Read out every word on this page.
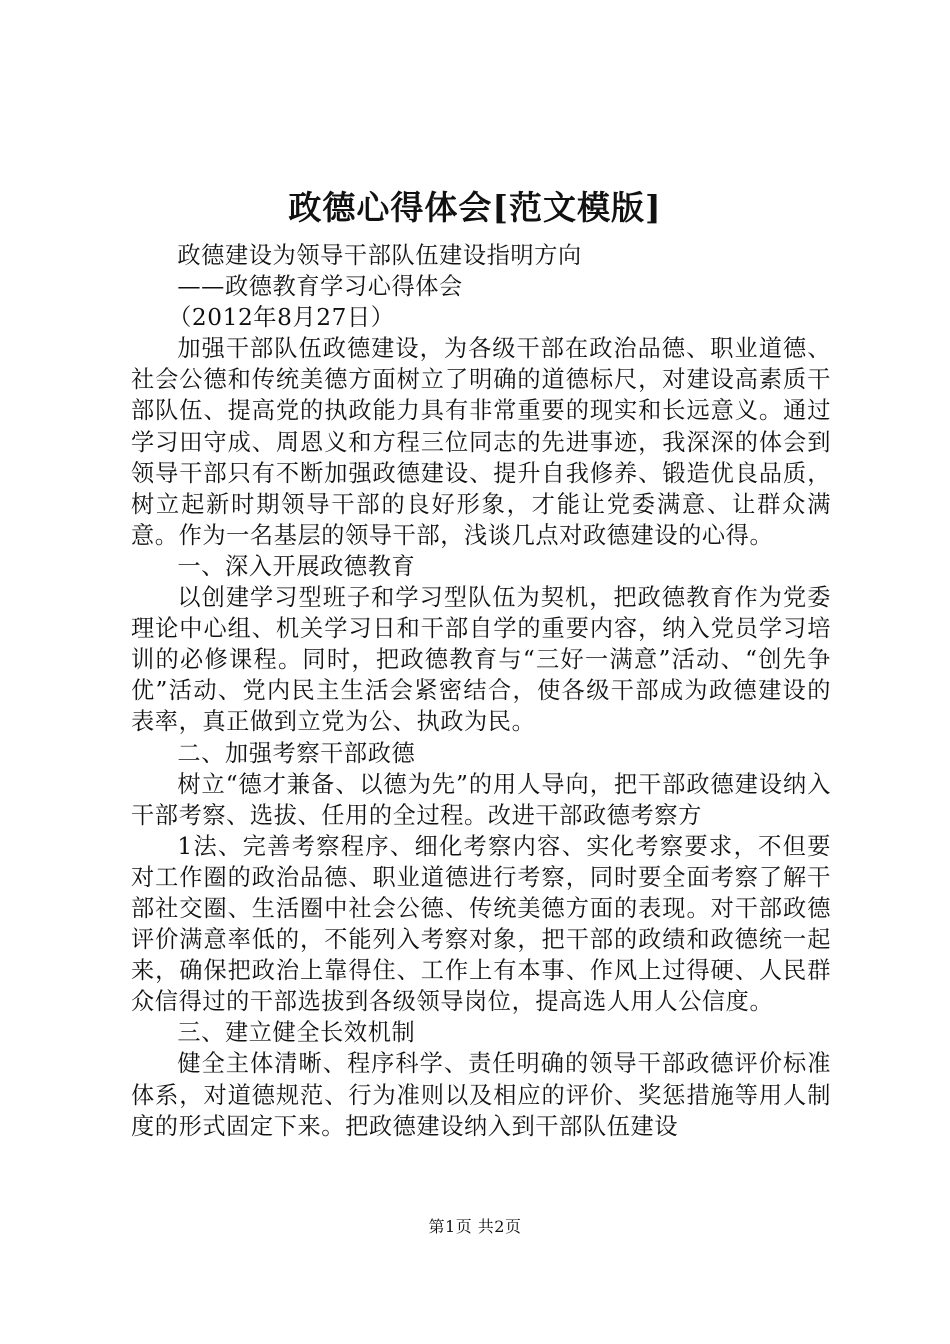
政德心得体会[范文模版]

政德建设为领导干部队伍建设指明方向

——政德教育学习心得体会

（2012年8月27日）

加强干部队伍政德建设，为各级干部在政治品德、职业道德、社会公德和传统美德方面树立了明确的道德标尺，对建设高素质干部队伍、提高党的执政能力具有非常重要的现实和长远意义。通过学习田守成、周恩义和方程三位同志的先进事迹，我深深的体会到领导干部只有不断加强政德建设、提升自我修养、锻造优良品质，树立起新时期领导干部的良好形象，才能让党委满意、让群众满意。作为一名基层的领导干部，浅谈几点对政德建设的心得。

一、深入开展政德教育

以创建学习型班子和学习型队伍为契机，把政德教育作为党委理论中心组、机关学习日和干部自学的重要内容，纳入党员学习培训的必修课程。同时，把政德教育与“三好一满意”活动、“创先争优”活动、党内民主生活会紧密结合，使各级干部成为政德建设的表率，真正做到立党为公、执政为民。

二、加强考察干部政德

树立“德才兼备、以德为先”的用人导向，把干部政德建设纳入干部考察、选拔、任用的全过程。改进干部政德考察方

1法、完善考察程序、细化考察内容、实化考察要求，不但要对工作圈的政治品德、职业道德进行考察，同时要全面考察了解干部社交圈、生活圈中社会公德、传统美德方面的表现。对干部政德评价满意率低的，不能列入考察对象，把干部的政绩和政德统一起来，确保把政治上靠得住、工作上有本事、作风上过得硬、人民群众信得过的干部选拔到各级领导岗位，提高选人用人公信度。

三、建立健全长效机制

健全主体清晰、程序科学、责任明确的领导干部政德评价标准体系，对道德规范、行为准则以及相应的评价、奖惩措施等用人制度的形式固定下来。把政德建设纳入到干部队伍建设

第1页 共2页
